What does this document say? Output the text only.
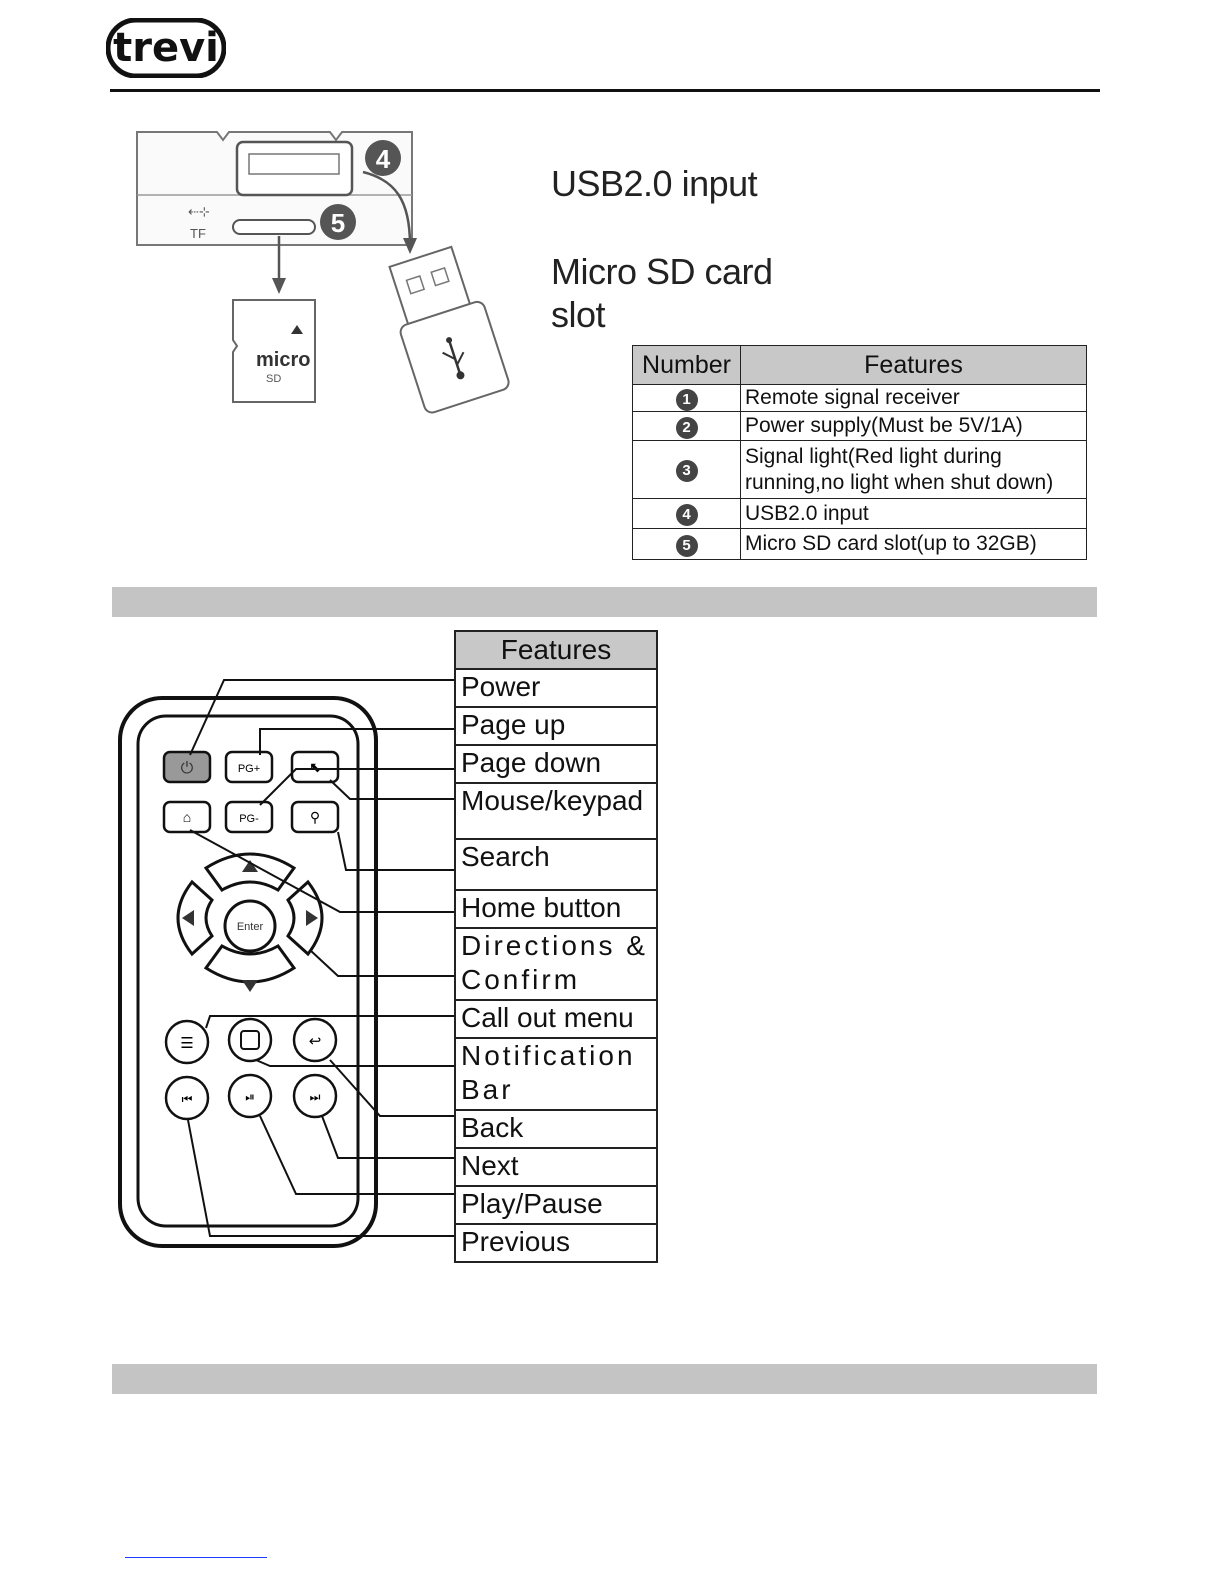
trevi
⇠⊹
TF
4
5
micro
SD
USB2.0 input
Micro SD card
slot
Number	Features
1	Remote signal receiver
2	Power supply(Must be 5V/1A)
3	Signal light(Red light during running,no light when shut down)
4	USB2.0 input
5	Micro SD card slot(up to 32GB)
⏻	PG+	⬉
⌂	PG-	⚲
Enter
☰	↩
⏮	⏯	⏭
Features
Power
Page up
Page down
Mouse/keypad
Search
Home button
Directions & Confirm
Call out menu
Notification Bar
Back
Next
Play/Pause
Previous
